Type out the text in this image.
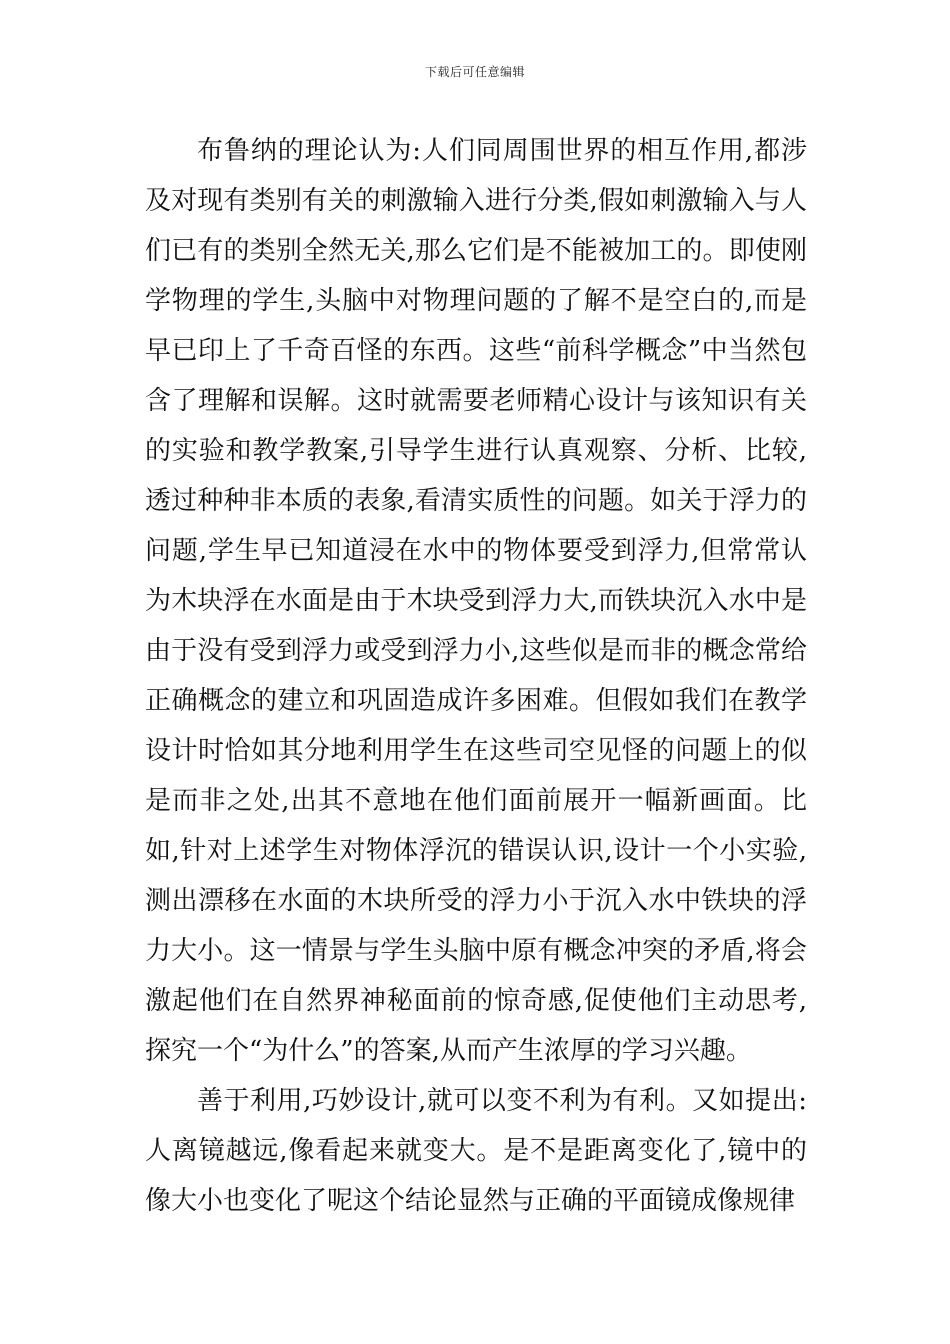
下载后可任意编辑

布鲁纳的理论认为:人们同周围世界的相互作用,都涉及对现有类别有关的刺激输入进行分类,假如刺激输入与人们已有的类别全然无关,那么它们是不能被加工的。即使刚学物理的学生,头脑中对物理问题的了解不是空白的,而是早已印上了千奇百怪的东西。这些“前科学概念”中当然包含了理解和误解。这时就需要老师精心设计与该知识有关的实验和教学教案,引导学生进行认真观察、分析、比较,透过种种非本质的表象,看清实质性的问题。如关于浮力的问题,学生早已知道浸在水中的物体要受到浮力,但常常认为木块浮在水面是由于木块受到浮力大,而铁块沉入水中是由于没有受到浮力或受到浮力小,这些似是而非的概念常给正确概念的建立和巩固造成许多困难。但假如我们在教学设计时恰如其分地利用学生在这些司空见怪的问题上的似是而非之处,出其不意地在他们面前展开一幅新画面。比如,针对上述学生对物体浮沉的错误认识,设计一个小实验,测出漂移在水面的木块所受的浮力小于沉入水中铁块的浮力大小。这一情景与学生头脑中原有概念冲突的矛盾,将会激起他们在自然界神秘面前的惊奇感,促使他们主动思考,探究一个“为什么”的答案,从而产生浓厚的学习兴趣。

善于利用,巧妙设计,就可以变不利为有利。又如提出:人离镜越远,像看起来就变大。是不是距离变化了,镜中的像大小也变化了呢这个结论显然与正确的平面镜成像规律
